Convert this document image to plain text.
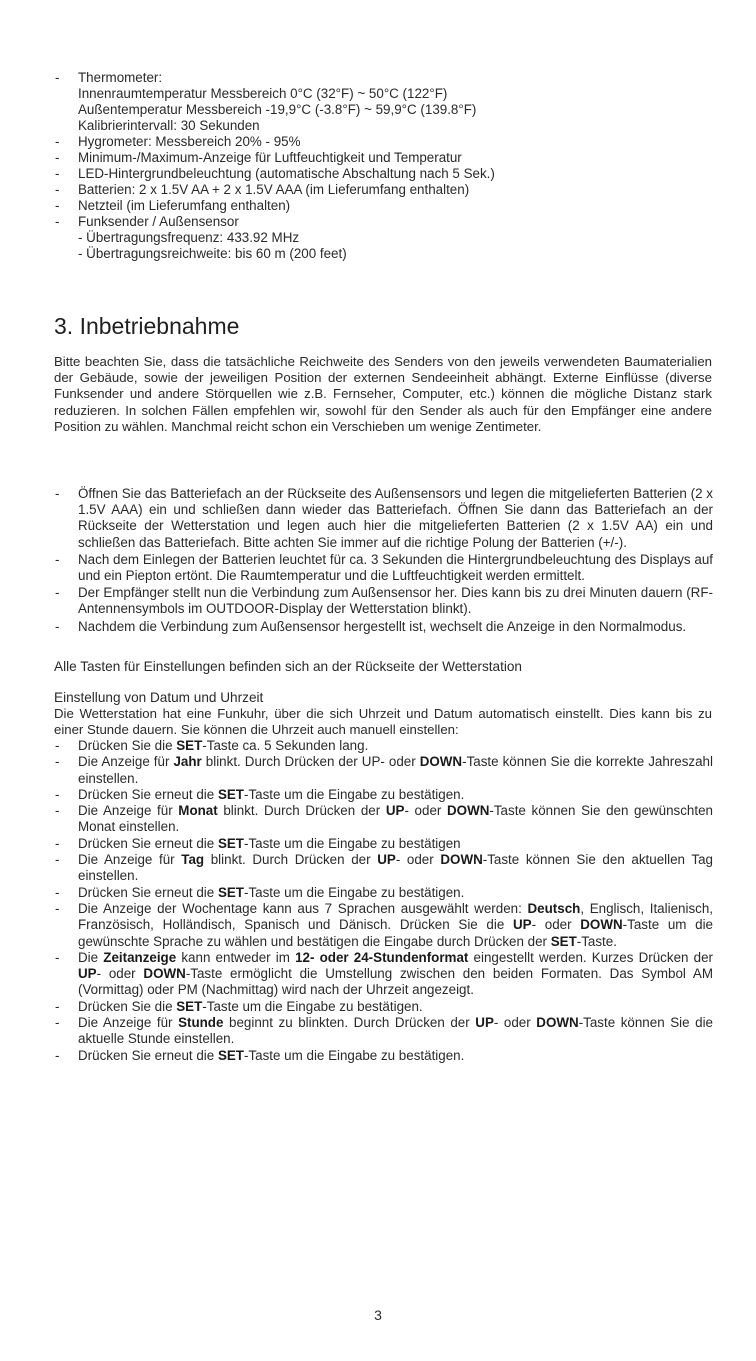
- Thermometer:
Innenraumtemperatur Messbereich 0°C (32°F) ~ 50°C (122°F)
Außentemperatur Messbereich -19,9°C (-3.8°F) ~ 59,9°C (139.8°F)
Kalibrierintervall: 30 Sekunden
- Hygrometer: Messbereich 20% - 95%
- Minimum-/Maximum-Anzeige für Luftfeuchtigkeit und Temperatur
- LED-Hintergrundbeleuchtung (automatische Abschaltung nach 5 Sek.)
- Batterien: 2 x 1.5V AA + 2 x 1.5V AAA (im Lieferumfang enthalten)
- Netzteil (im Lieferumfang enthalten)
- Funksender / Außensensor
- Übertragungsfrequenz: 433.92 MHz
- Übertragungsreichweite: bis 60 m (200 feet)
3. Inbetriebnahme

Bitte beachten Sie, dass die tatsächliche Reichweite des Senders von den jeweils verwendeten Baumaterialien der Gebäude, sowie der jeweiligen Position der externen Sendeeinheit abhängt. Externe Einflüsse (diverse Funksender und andere Störquellen wie z.B. Fernseher, Computer, etc.) können die mögliche Distanz stark reduzieren. In solchen Fällen empfehlen wir, sowohl für den Sender als auch für den Empfänger eine andere Position zu wählen. Manchmal reicht schon ein Verschieben um wenige Zentimeter.

- Öffnen Sie das Batteriefach an der Rückseite des Außensensors und legen die mitgelieferten Batterien (2 x 1.5V AAA) ein und schließen dann wieder das Batteriefach. Öffnen Sie dann das Batteriefach an der Rückseite der Wetterstation und legen auch hier die mitgelieferten Batterien (2 x 1.5V AA) ein und schließen das Batteriefach. Bitte achten Sie immer auf die richtige Polung der Batterien (+/-).
- Nach dem Einlegen der Batterien leuchtet für ca. 3 Sekunden die Hintergrundbeleuchtung des Displays auf und ein Piepton ertönt. Die Raumtemperatur und die Luftfeuchtigkeit werden ermittelt.
- Der Empfänger stellt nun die Verbindung zum Außensensor her. Dies kann bis zu drei Minuten dauern (RF-Antennensymbols im OUTDOOR-Display der Wetterstation blinkt).
- Nachdem die Verbindung zum Außensensor hergestellt ist, wechselt die Anzeige in den Normalmodus.

Alle Tasten für Einstellungen befinden sich an der Rückseite der Wetterstation

Einstellung von Datum und Uhrzeit

Die Wetterstation hat eine Funkuhr, über die sich Uhrzeit und Datum automatisch einstellt. Dies kann bis zu einer Stunde dauern. Sie können die Uhrzeit auch manuell einstellen:

- Drücken Sie die SET-Taste ca. 5 Sekunden lang.
- Die Anzeige für Jahr blinkt. Durch Drücken der UP- oder DOWN-Taste können Sie die korrekte Jahreszahl einstellen.
- Drücken Sie erneut die SET-Taste um die Eingabe zu bestätigen.
- Die Anzeige für Monat blinkt. Durch Drücken der UP- oder DOWN-Taste können Sie den gewünschten Monat einstellen.
- Drücken Sie erneut die SET-Taste um die Eingabe zu bestätigen
- Die Anzeige für Tag blinkt. Durch Drücken der UP- oder DOWN-Taste können Sie den aktuellen Tag einstellen.
- Drücken Sie erneut die SET-Taste um die Eingabe zu bestätigen.
- Die Anzeige der Wochentage kann aus 7 Sprachen ausgewählt werden: Deutsch, Englisch, Italienisch, Französisch, Holländisch, Spanisch und Dänisch. Drücken Sie die UP- oder DOWN-Taste um die gewünschte Sprache zu wählen und bestätigen die Eingabe durch Drücken der SET-Taste.
- Die Zeitanzeige kann entweder im 12- oder 24-Stundenformat eingestellt werden. Kurzes Drücken der UP- oder DOWN-Taste ermöglicht die Umstellung zwischen den beiden Formaten. Das Symbol AM (Vormittag) oder PM (Nachmittag) wird nach der Uhrzeit angezeigt.
- Drücken Sie die SET-Taste um die Eingabe zu bestätigen.
- Die Anzeige für Stunde beginnt zu blinkten. Durch Drücken der UP- oder DOWN-Taste können Sie die aktuelle Stunde einstellen.
- Drücken Sie erneut die SET-Taste um die Eingabe zu bestätigen.
3
